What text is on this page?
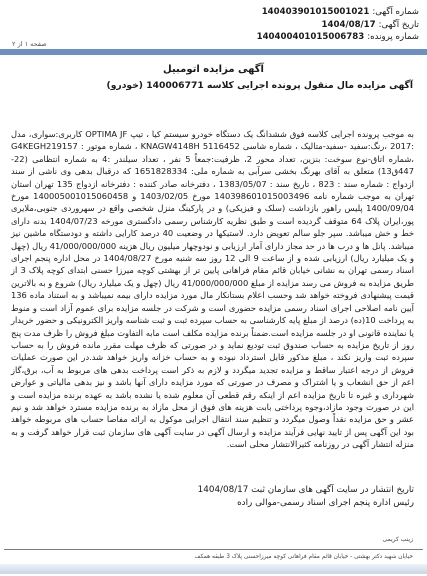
شماره آگهی: 140403901015001021
تاریخ آگهی: 1404/08/17
شماره پرونده: 140400401015006783
صفحه ۱ از ۲
آگهی مزایده اتومبیل
آگهی مزایده مال منقول پرونده اجرایی کلاسه 140006771 (خودرو)
به موجب پرونده اجرایی کلاسه فوق ششدانگ یک دستگاه خودرو سیستم کیا ، تیپ OPTIMA JF کاربری:سواری، مدل :2017 ،رنگ:سفید -سفید-متالیک ، شماره شاسی KNAGW4148H 5116452 ، شماره موتور : G4KEGH219157 ،شماره اتاق-نوع سوخت: بنزین، تعداد محور 2، ظرفیت:جمعاً 5 نفر ، تعداد سیلندر :4 به شماره انتظامی (22-447ق13) متعلق به آقای بهرنگ بخشی سرآبی به شماره ملی: 1651828334 که درقبال بدهی وی ناشی از سند ازدواج : شماره سند : 823 ، تاریخ سند : 1383/05/07 ، دفترخانه صادر کننده : دفترخانه ازدواج 135 تهران استان تهران به موجب شماره نامه 140398601015003496 مورخ 1403/02/05 و 140005001015060458 مورخ 1400/09/04 پلیس راهور بازداشت (سلک و فیزیکی) و در پارکینگ منزل شخصی واقع در سهروردی جنوبی،ملایری پور،ایران پلاک 64 متوقف گردیده است و طبق نظریه کارشناس رسمی دادگستری مورخه 1404/07/23 بدنه دارای خط و خش میباشد. سپر جلو سالم تعویض دارد. لاستیکها در وضعیت 40 درصد کارایی داشته و دودستگاه ماشین نیز میباشد. پانل ها و درب ها در حد مجاز دارای آمار ارزیابی و نودوچهار میلیون ریال هزینه 41/000/000/000 ریال (چهل و یک میلیارد ریال) ارزیابی شده و از ساعت 9 الی 12 روز سه شنبه مورخ 1404/08/27 در محل اداره پنجم اجرای اسناد رسمی تهران به نشانی خیابان قائم مقام فراهانی پایین تر از بهشتی کوچه میرزا حسنی ابتدای کوچه پلاک 3 از طریق مزایده به فروش می رسد مزایده از مبلغ 41/000/000/000 ریال (چهل و یک میلیارد ریال) شروع و به بالاترین قیمت پیشنهادی فروخته خواهد شد وحسب اعلام بستانکار مال مورد مزایده دارای بیمه نمیباشد و به استناد ماده 136 آیین نامه اصلاحی اجرای اسناد رسمی مزایده حضوری است و شرکت در جلسه مزایده برای عموم آزاد است و منوط به پرداخت 10(ده) درصد از مبلغ پایه کارشناسی به حساب سپرده ثبت و ثبت شناسه واریز الکترونیکی و حضور خریدار یا نماینده قانونی او در جلسه مزایده است.ضمناً برنده مزایده مکلف است مابه التفاوت مبلغ فروش را ظرف مدت پنج روز از تاریخ مزایده به حساب صندوق ثبت تودیع نماید و در صورتی که ظرف مهلت مقرر مانده فروش را به حساب سپرده ثبت واریز نکند ، مبلغ مذکور قابل استرداد نبوده و به حساب خزانه واریز خواهد شد.در این صورت عملیات فروش از درجه اعتبار ساقط و مزایده تجدید میگردد و لازم به ذکر است پرداخت بدهی های مربوط به آب، برق،گاز اعم از حق انشعاب و یا اشتراک و مصرف در صورتی که مورد مزایده دارای آنها باشد و نیز بدهی مالیاتی و عوارض شهرداری و غیره تا تاریخ مزایده اعم از اینکه رقم قطعی آن معلوم شده یا نشده باشد به عهده برنده مزایده است و این در صورت وجود مازاد،وجوه پرداختی بابت هزینه های فوق از محل مازاد به برنده مزایده مسترد خواهد شد و نیم عشر و حق مزایده نقداً وصول میگردد و تنظیم سند انتقال اجرایی موکول به ارائه مفاصا حساب های مربوطه خواهد بود این آگهی پس از تایید نهایی فرآیند مزایده و ارسال آگهی در سایت آگهی های سازمان ثبت قرار خواهد گرفت و به منزله انتشار آگهی در روزنامه کثیرالانتشار محلی است.
تاریخ انتشار در سایت آگهی های سازمان ثبت 1404/08/17
رئیس اداره پنجم اجرای اسناد رسمی-موالی راده
زینب کریمی
خیابان شهید دکتر بهشتی - خیابان قائم مقام فراهانی کوچه میرزاحسنی پلاک 3 طبقه همکف
